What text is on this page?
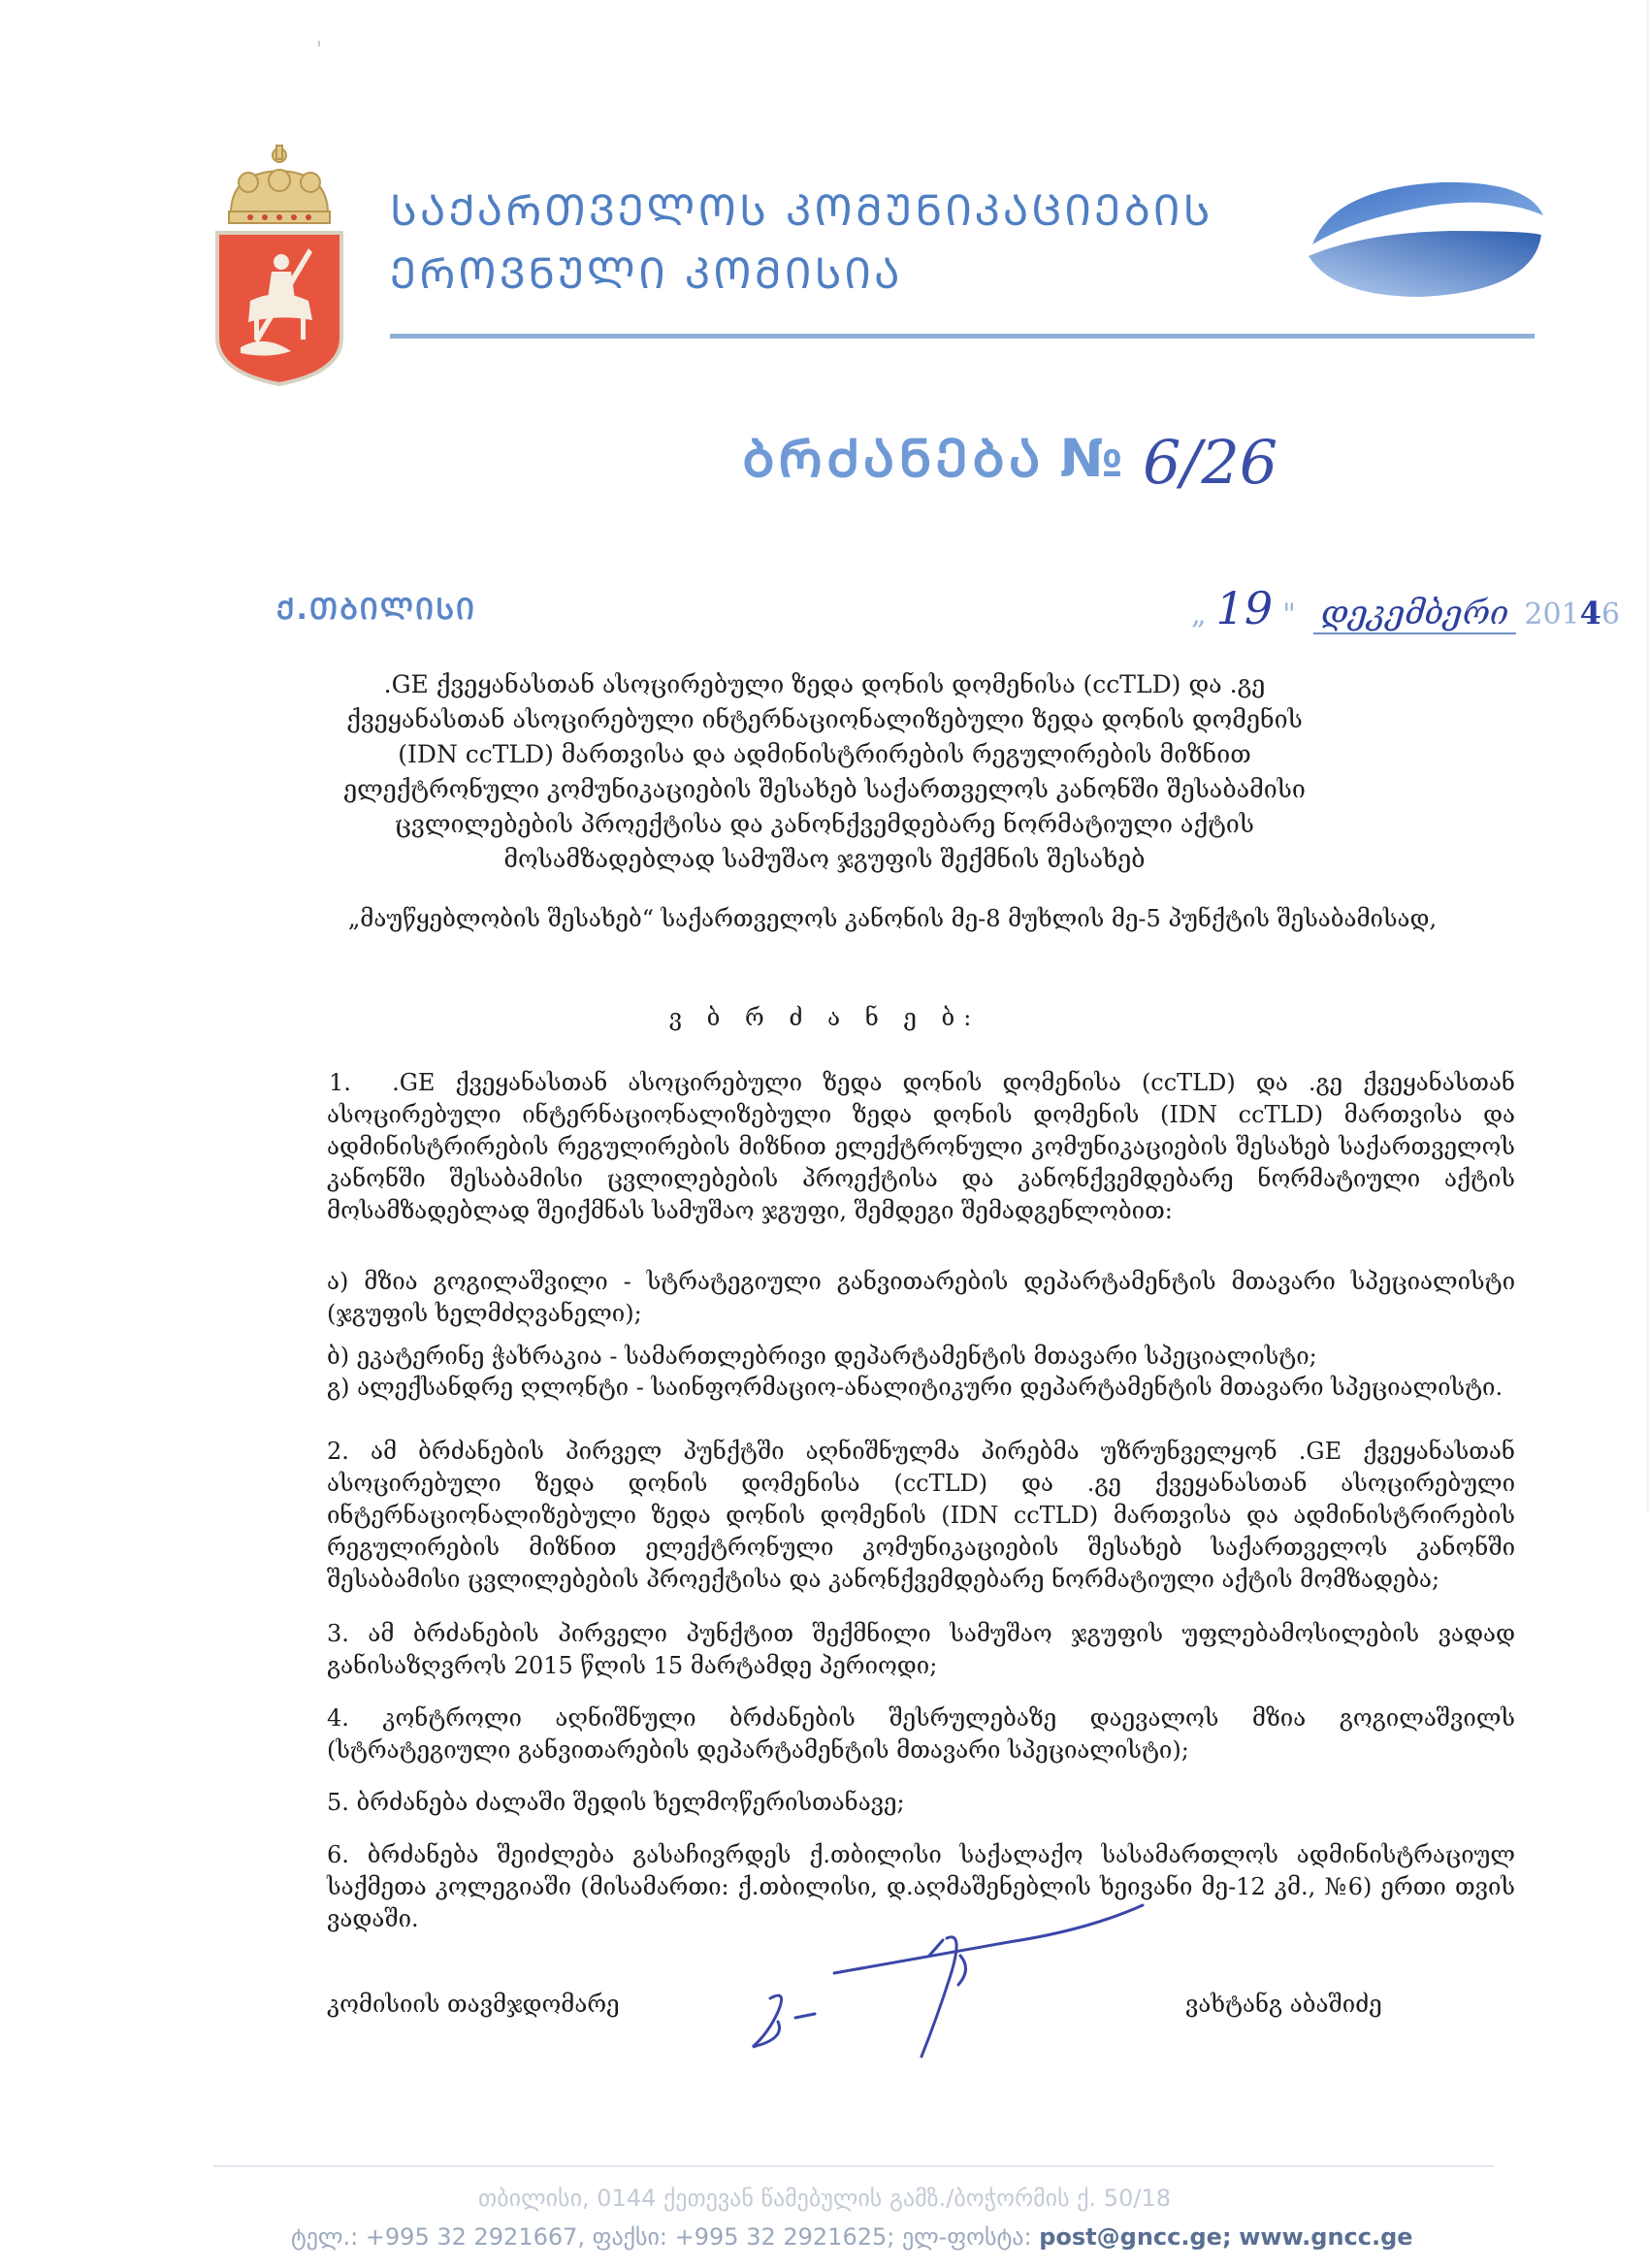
ᲡᲐᲥᲐᲠᲗᲕᲔᲚᲝᲡ ᲙᲝᲛᲣᲜᲘᲙᲐᲪᲘᲔᲑᲘᲡ
ᲔᲠᲝᲕᲜᲣᲚᲘ ᲙᲝᲛᲘᲡᲘᲐ
ᲑᲠᲫᲐᲜᲔᲑᲐ № 6/26
Ქ.ᲗᲑᲘᲚᲘᲡᲘ	„ 19 " დეკემბერი 20146
.GE ქვეყანასთან ასოცირებული ზედა დონის დომენისა (ccTLD) და .გე ქვეყანასთან ასოცირებული ინტერნაციონალიზებული ზედა დონის დომენის (IDN ccTLD) მართვისა და ადმინისტრირების რეგულირების მიზნით ელექტრონული კომუნიკაციების შესახებ საქართველოს კანონში შესაბამისი ცვლილებების პროექტისა და კანონქვემდებარე ნორმატიული აქტის მოსამზადებლად სამუშაო ჯგუფის შექმნის შესახებ
„მაუწყებლობის შესახებ“ საქართველოს კანონის მე-8 მუხლის მე-5 პუნქტის შესაბამისად,
ვ ბ რ ძ ა ნ ე ბ:
1. .GE ქვეყანასთან ასოცირებული ზედა დონის დომენისა (ccTLD) და .გე ქვეყანასთან ასოცირებული ინტერნაციონალიზებული ზედა დონის დომენის (IDN ccTLD) მართვისა და ადმინისტრირების რეგულირების მიზნით ელექტრონული კომუნიკაციების შესახებ საქართველოს კანონში შესაბამისი ცვლილებების პროექტისა და კანონქვემდებარე ნორმატიული აქტის მოსამზადებლად შეიქმნას სამუშაო ჯგუფი, შემდეგი შემადგენლობით:
ა) მზია გოგილაშვილი - სტრატეგიული განვითარების დეპარტამენტის მთავარი სპეციალისტი (ჯგუფის ხელმძღვანელი);
ბ) ეკატერინე ჭახრაკია - სამართლებრივი დეპარტამენტის მთავარი სპეციალისტი;
გ) ალექსანდრე ღლონტი - საინფორმაციო-ანალიტიკური დეპარტამენტის მთავარი სპეციალისტი.
2. ამ ბრძანების პირველ პუნქტში აღნიშნულმა პირებმა უზრუნველყონ .GE ქვეყანასთან ასოცირებული ზედა დონის დომენისა (ccTLD) და .გე ქვეყანასთან ასოცირებული ინტერნაციონალიზებული ზედა დონის დომენის (IDN ccTLD) მართვისა და ადმინისტრირების რეგულირების მიზნით ელექტრონული კომუნიკაციების შესახებ საქართველოს კანონში შესაბამისი ცვლილებების პროექტისა და კანონქვემდებარე ნორმატიული აქტის მომზადება;
3. ამ ბრძანების პირველი პუნქტით შექმნილი სამუშაო ჯგუფის უფლებამოსილების ვადად განისაზღვროს 2015 წლის 15 მარტამდე პერიოდი;
4. კონტროლი აღნიშნული ბრძანების შესრულებაზე დაევალოს მზია გოგილაშვილს (სტრატეგიული განვითარების დეპარტამენტის მთავარი სპეციალისტი);
5. ბრძანება ძალაში შედის ხელმოწერისთანავე;
6. ბრძანება შეიძლება გასაჩივრდეს ქ.თბილისი საქალაქო სასამართლოს ადმინისტრაციულ საქმეთა კოლეგიაში (მისამართი: ქ.თბილისი, დ.აღმაშენებლის ხეივანი მე-12 კმ., №6) ერთი თვის ვადაში.
კომისიის თავმჯდომარე	ვახტანგ აბაშიძე
თბილისი, 0144 ქეთევან წამებულის გამზ./ბოჭორმის ქ. 50/18
ტელ.: +995 32 2921667, ფაქსი: +995 32 2921625; ელ-ფოსტა: post@gncc.ge; www.gncc.ge
